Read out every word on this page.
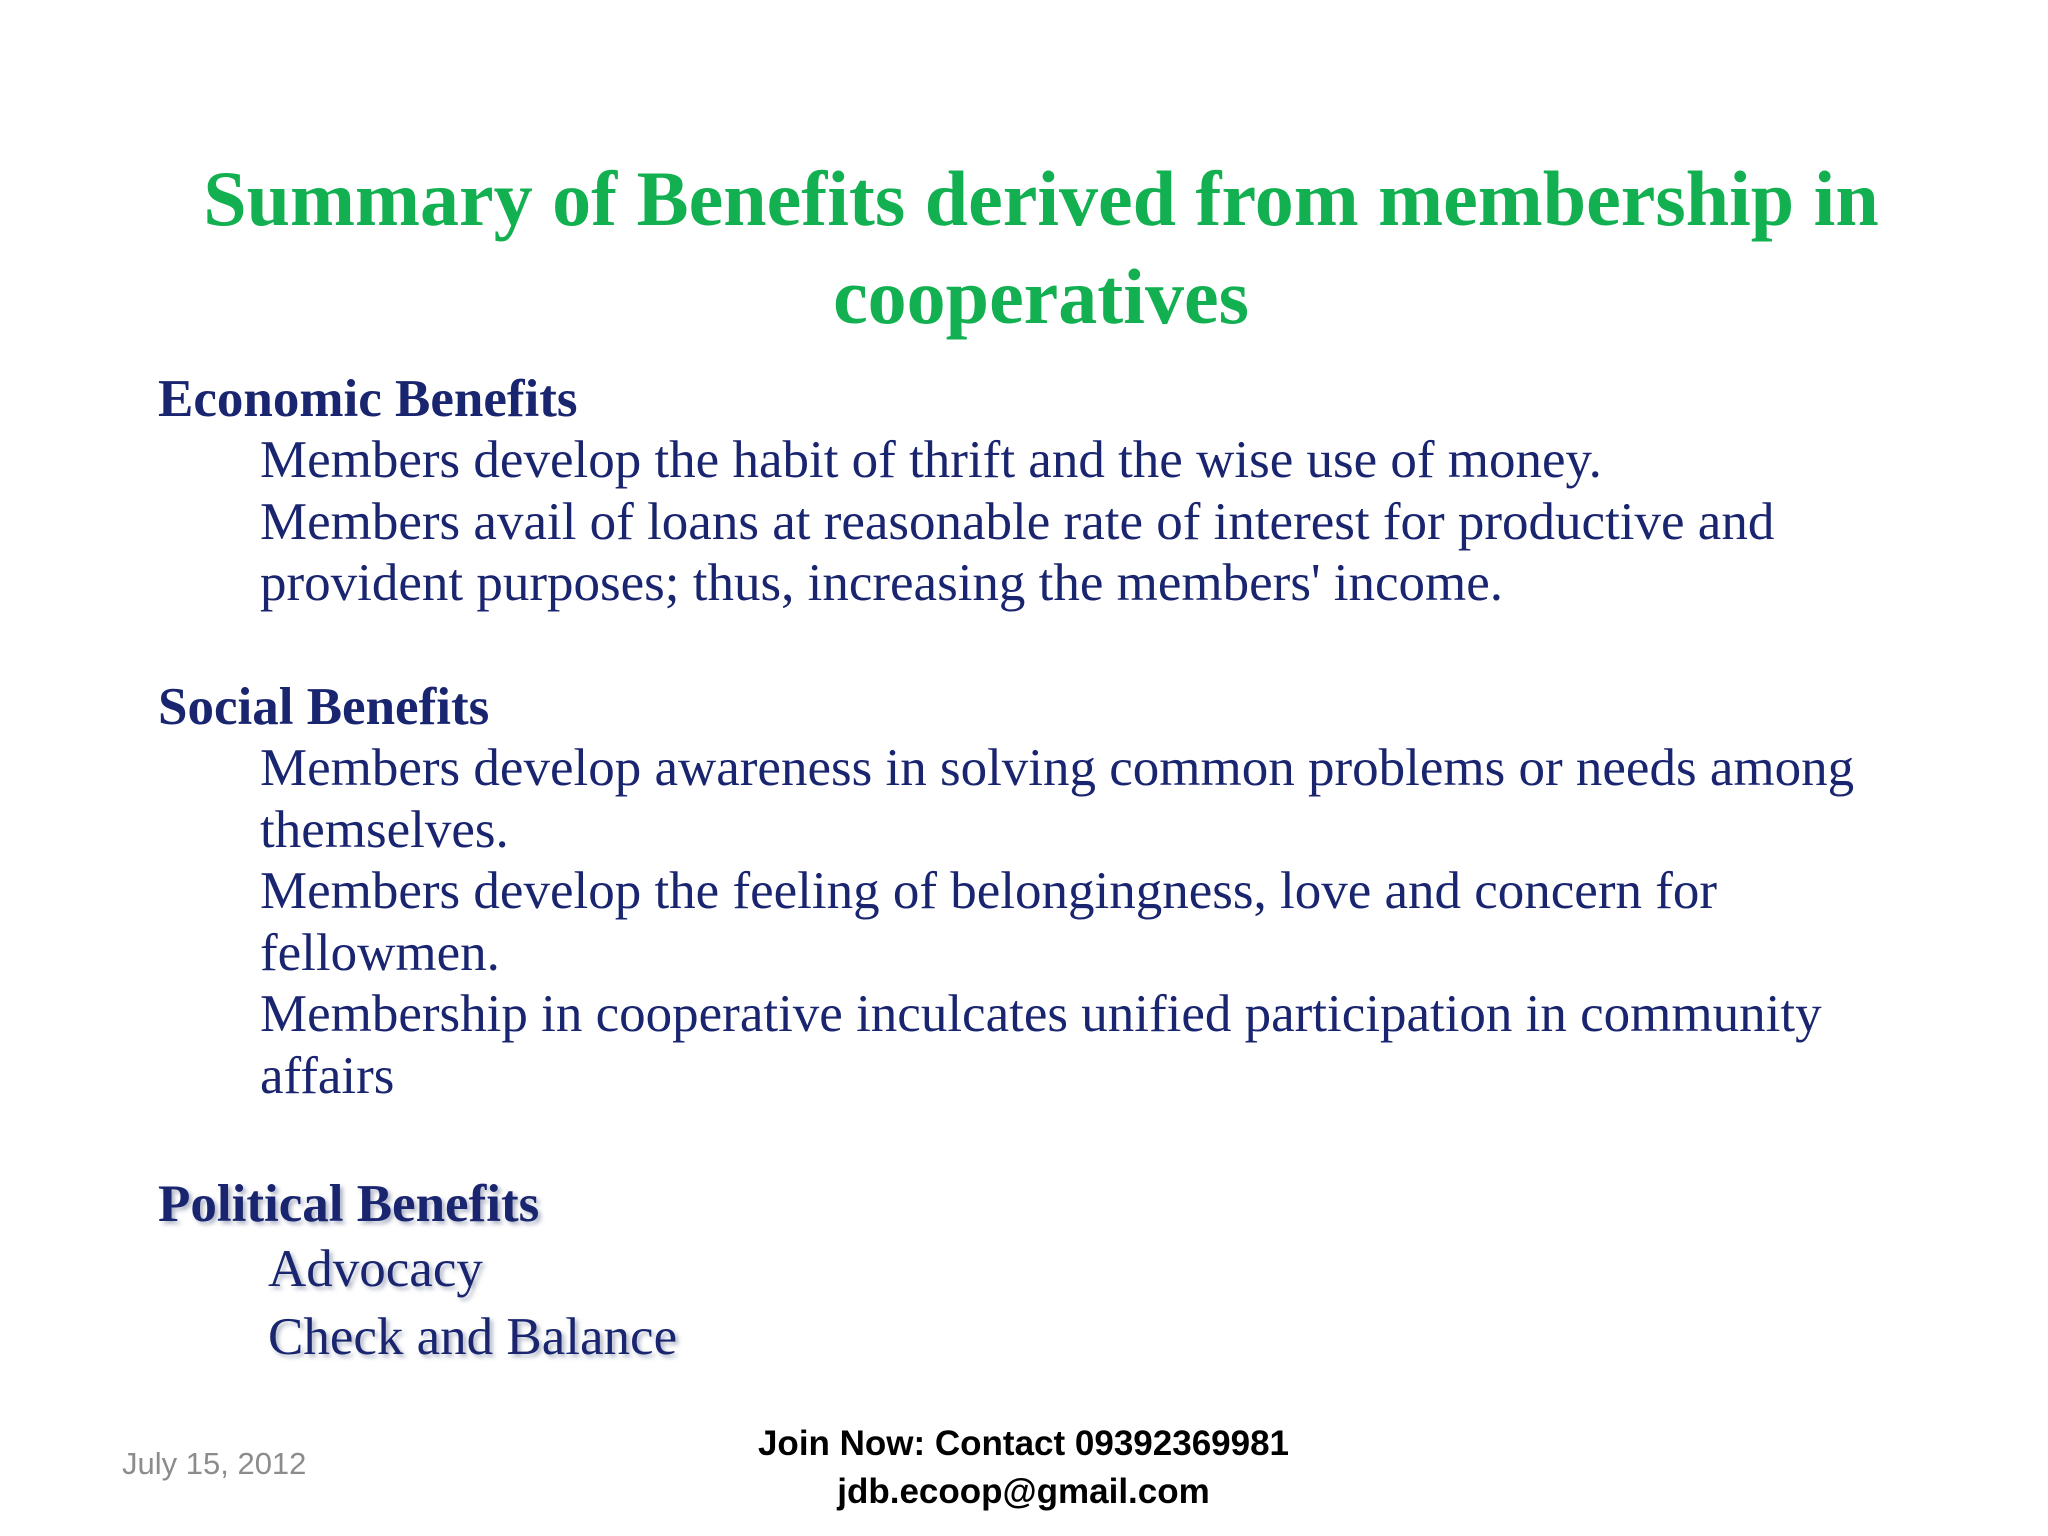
Summary of Benefits derived from membership in
cooperatives

Economic Benefits

Members develop the habit of thrift and the wise use of money.

Members avail of loans at reasonable rate of interest for productive and provident purposes; thus, increasing the members' income.

Social Benefits

Members develop awareness in solving common problems or needs among themselves.

Members develop the feeling of belongingness, love and concern for fellowmen.

Membership in cooperative inculcates unified participation in community affairs

Political Benefits

Advocacy

Check and Balance

July 15, 2012
Join Now: Contact 09392369981
jdb.ecoop@gmail.com
